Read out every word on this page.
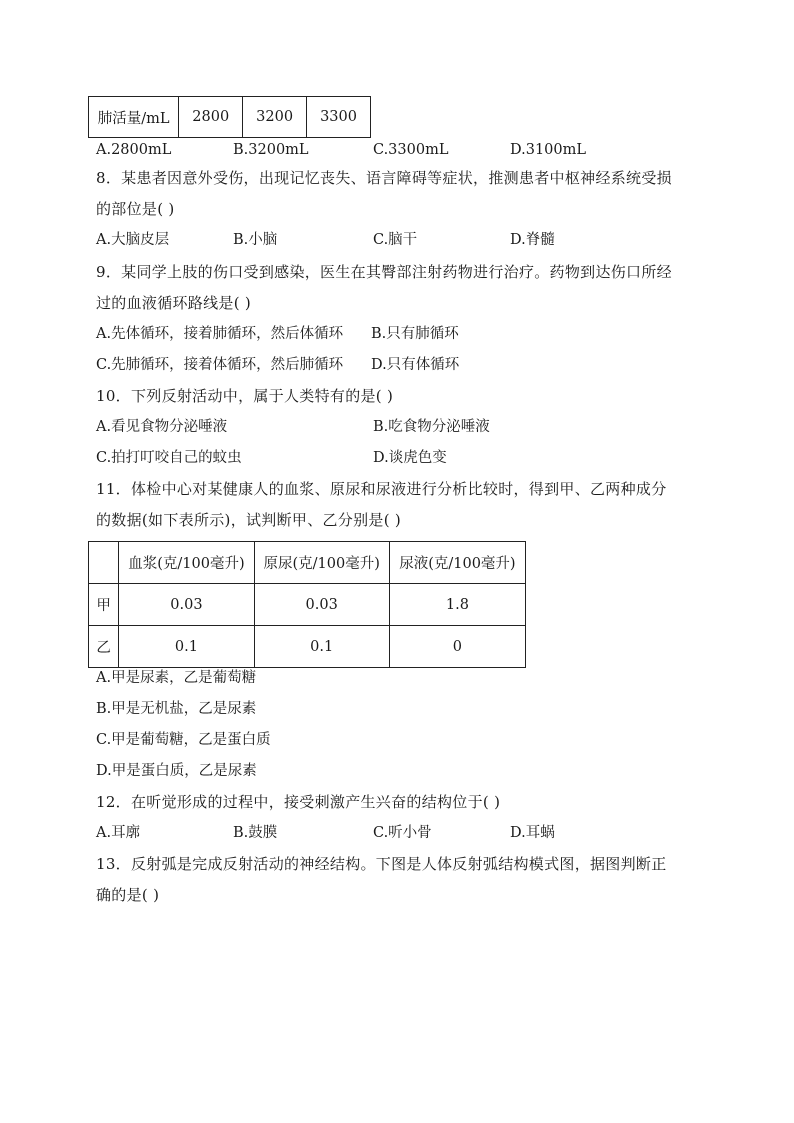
肺活量/mL	2800	3200	3300
A.2800mL	B.3200mL	C.3300mL	D.3100mL
8．某患者因意外受伤，出现记忆丧失、语言障碍等症状，推测患者中枢神经系统受损
的部位是( )
A.大脑皮层	B.小脑	C.脑干	D.脊髓
9．某同学上肢的伤口受到感染，医生在其臀部注射药物进行治疗。药物到达伤口所经
过的血液循环路线是( )
A.先体循环，接着肺循环，然后体循环 B.只有肺循环
C.先肺循环，接着体循环，然后肺循环 D.只有体循环
10．下列反射活动中，属于人类特有的是( )
A.看见食物分泌唾液	B.吃食物分泌唾液
C.拍打叮咬自己的蚊虫	D.谈虎色变
11．体检中心对某健康人的血浆、原尿和尿液进行分析比较时，得到甲、乙两种成分
的数据(如下表所示)，试判断甲、乙分别是( )
	血浆(克/100毫升)	原尿(克/100毫升)	尿液(克/100毫升)
甲	0.03	0.03	1.8
乙	0.1	0.1	0
A.甲是尿素，乙是葡萄糖
B.甲是无机盐，乙是尿素
C.甲是葡萄糖，乙是蛋白质
D.甲是蛋白质，乙是尿素
12．在听觉形成的过程中，接受刺激产生兴奋的结构位于( )
A.耳廓	B.鼓膜	C.听小骨	D.耳蜗
13．反射弧是完成反射活动的神经结构。下图是人体反射弧结构模式图，据图判断正
确的是( )
